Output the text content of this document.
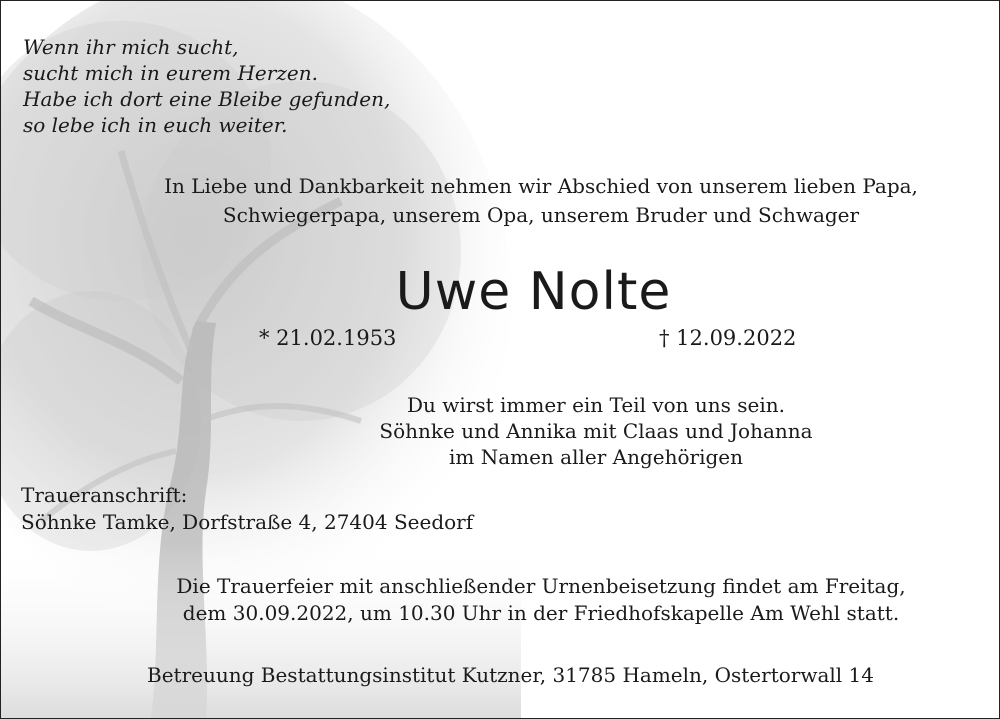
Wenn ihr mich sucht,
sucht mich in eurem Herzen.
Habe ich dort eine Bleibe gefunden,
so lebe ich in euch weiter.
In Liebe und Dankbarkeit nehmen wir Abschied von unserem lieben Papa,
Schwiegerpapa, unserem Opa, unserem Bruder und Schwager
Uwe Nolte
* 21.02.1953	† 12.09.2022
Du wirst immer ein Teil von uns sein.
Söhnke und Annika mit Claas und Johanna
im Namen aller Angehörigen
Traueranschrift:
Söhnke Tamke, Dorfstraße 4, 27404 Seedorf
Die Trauerfeier mit anschließender Urnenbeisetzung findet am Freitag,
dem 30.09.2022, um 10.30 Uhr in der Friedhofskapelle Am Wehl statt.
Betreuung Bestattungsinstitut Kutzner, 31785 Hameln, Ostertorwall 14
